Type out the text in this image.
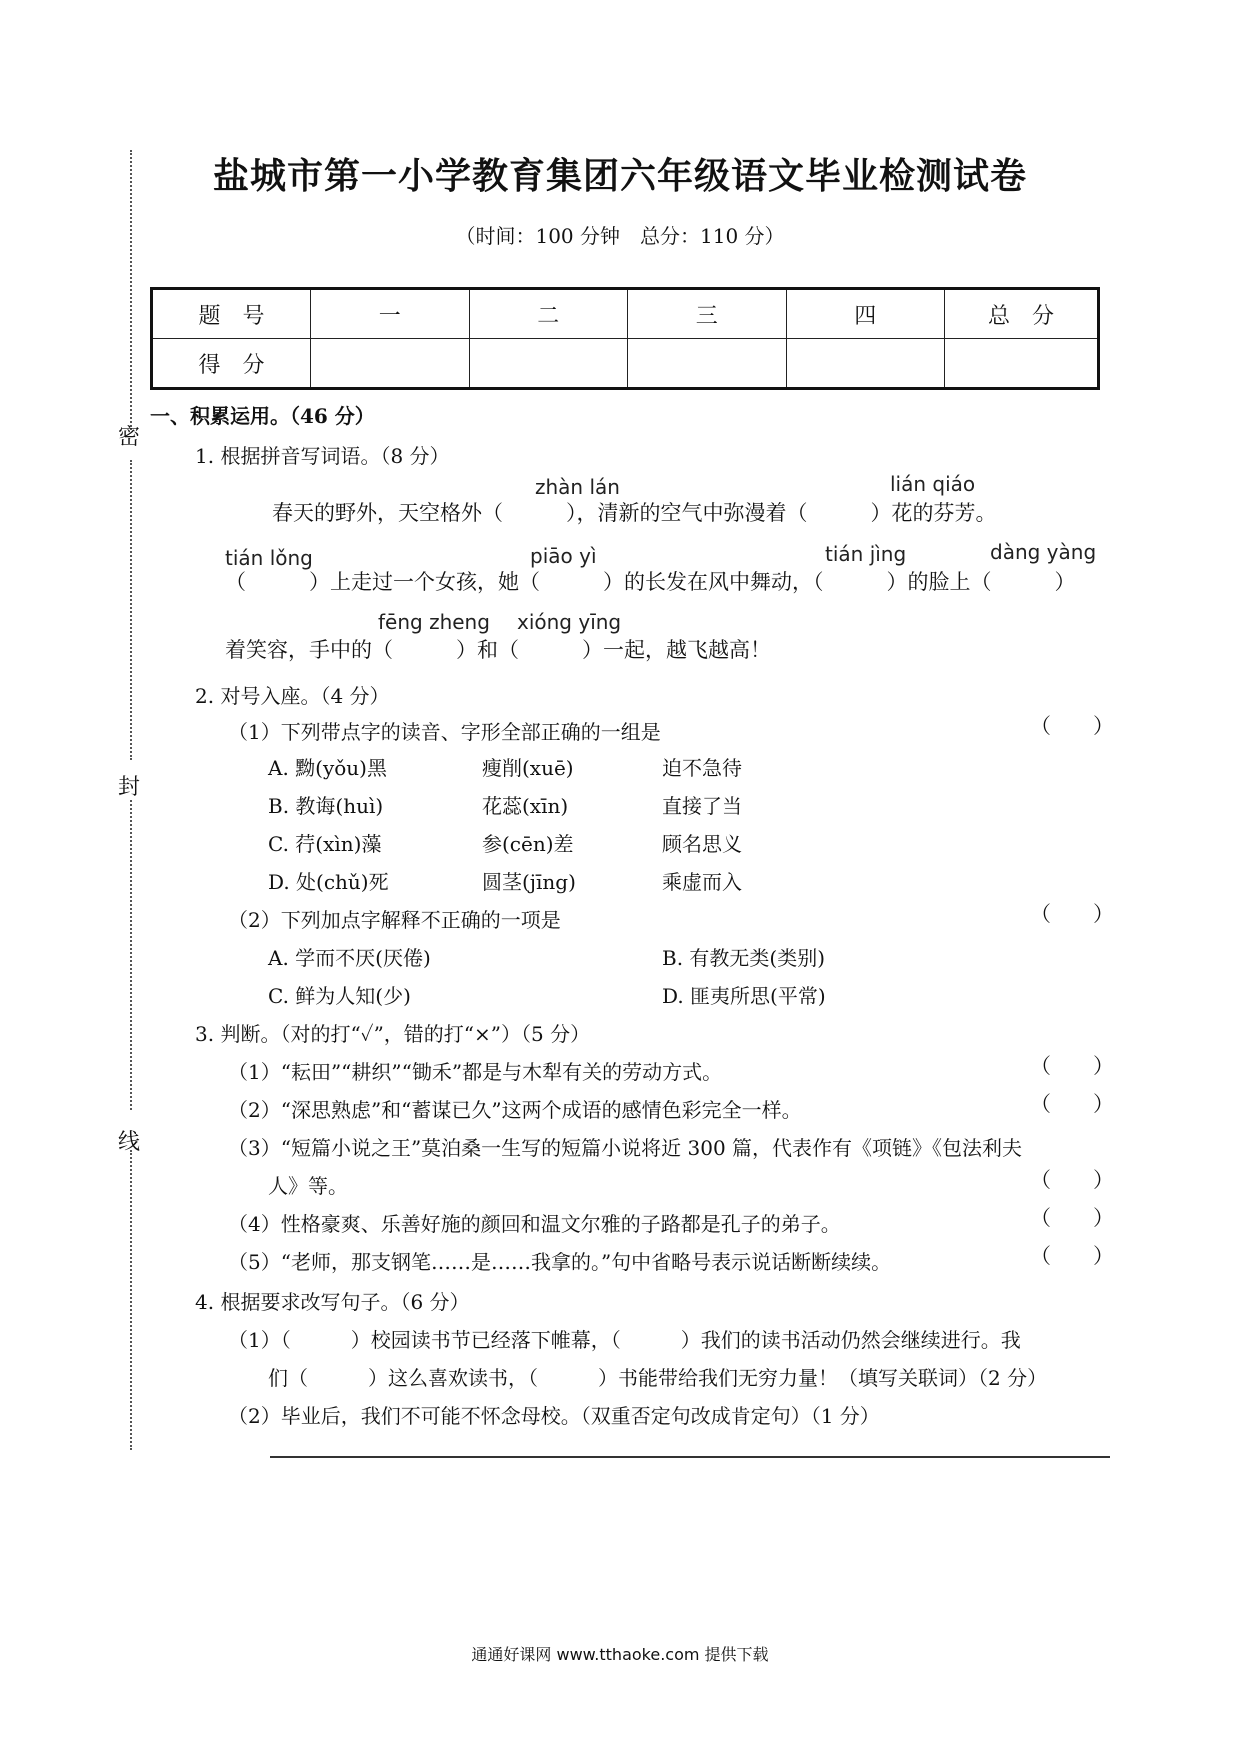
密
封
线
盐城市第一小学教育集团六年级语文毕业检测试卷
（时间：100 分钟　总分：110 分）
题　号	一	二	三	四	总　分
得　分					
一、积累运用。（46 分）
1. 根据拼音写词语。（8 分）
zhàn lán	lián qiáo
春天的野外，天空格外（　　　），清新的空气中弥漫着（　　　）花的芬芳。
tián lǒng	piāo yì	tián jìng	dàng yàng
（　　　）上走过一个女孩，她（　　　）的长发在风中舞动，（　　　）的脸上（　　　）
fēng zheng xióng yīng
着笑容，手中的（　　　）和（　　　）一起，越飞越高！
2. 对号入座。（4 分）
（1）下列带点字的读音、字形全部正确的一组是	（　　）
A. 黝(yǒu)黑	瘦削(xuē)	迫不急待
B. 教诲(huì)	花蕊(xīn)	直接了当
C. 荇(xìn)藻	参(cēn)差	顾名思义
D. 处(chǔ)死	圆茎(jīng)	乘虚而入
（2）下列加点字解释不正确的一项是	（　　）
A. 学而不厌(厌倦)	B. 有教无类(类别)
C. 鲜为人知(少)	D. 匪夷所思(平常)
3. 判断。（对的打“✓”，错的打“×”）（5 分）
（1）“耘田”“耕织”“锄禾”都是与木犁有关的劳动方式。	（　　）
（2）“深思熟虑”和“蓄谋已久”这两个成语的感情色彩完全一样。	（　　）
（3）“短篇小说之王”莫泊桑一生写的短篇小说将近 300 篇，代表作有《项链》《包法利夫
人》等。	（　　）
（4）性格豪爽、乐善好施的颜回和温文尔雅的子路都是孔子的弟子。	（　　）
（5）“老师，那支钢笔……是……我拿的。”句中省略号表示说话断断续续。	（　　）
4. 根据要求改写句子。（6 分）
（1）（　　　）校园读书节已经落下帷幕，（　　　）我们的读书活动仍然会继续进行。我
们（　　　）这么喜欢读书，（　　　）书能带给我们无穷力量！（填写关联词）（2 分）
（2）毕业后，我们不可能不怀念母校。（双重否定句改成肯定句）（1 分）
通通好课网 www.tthaoke.com 提供下载
